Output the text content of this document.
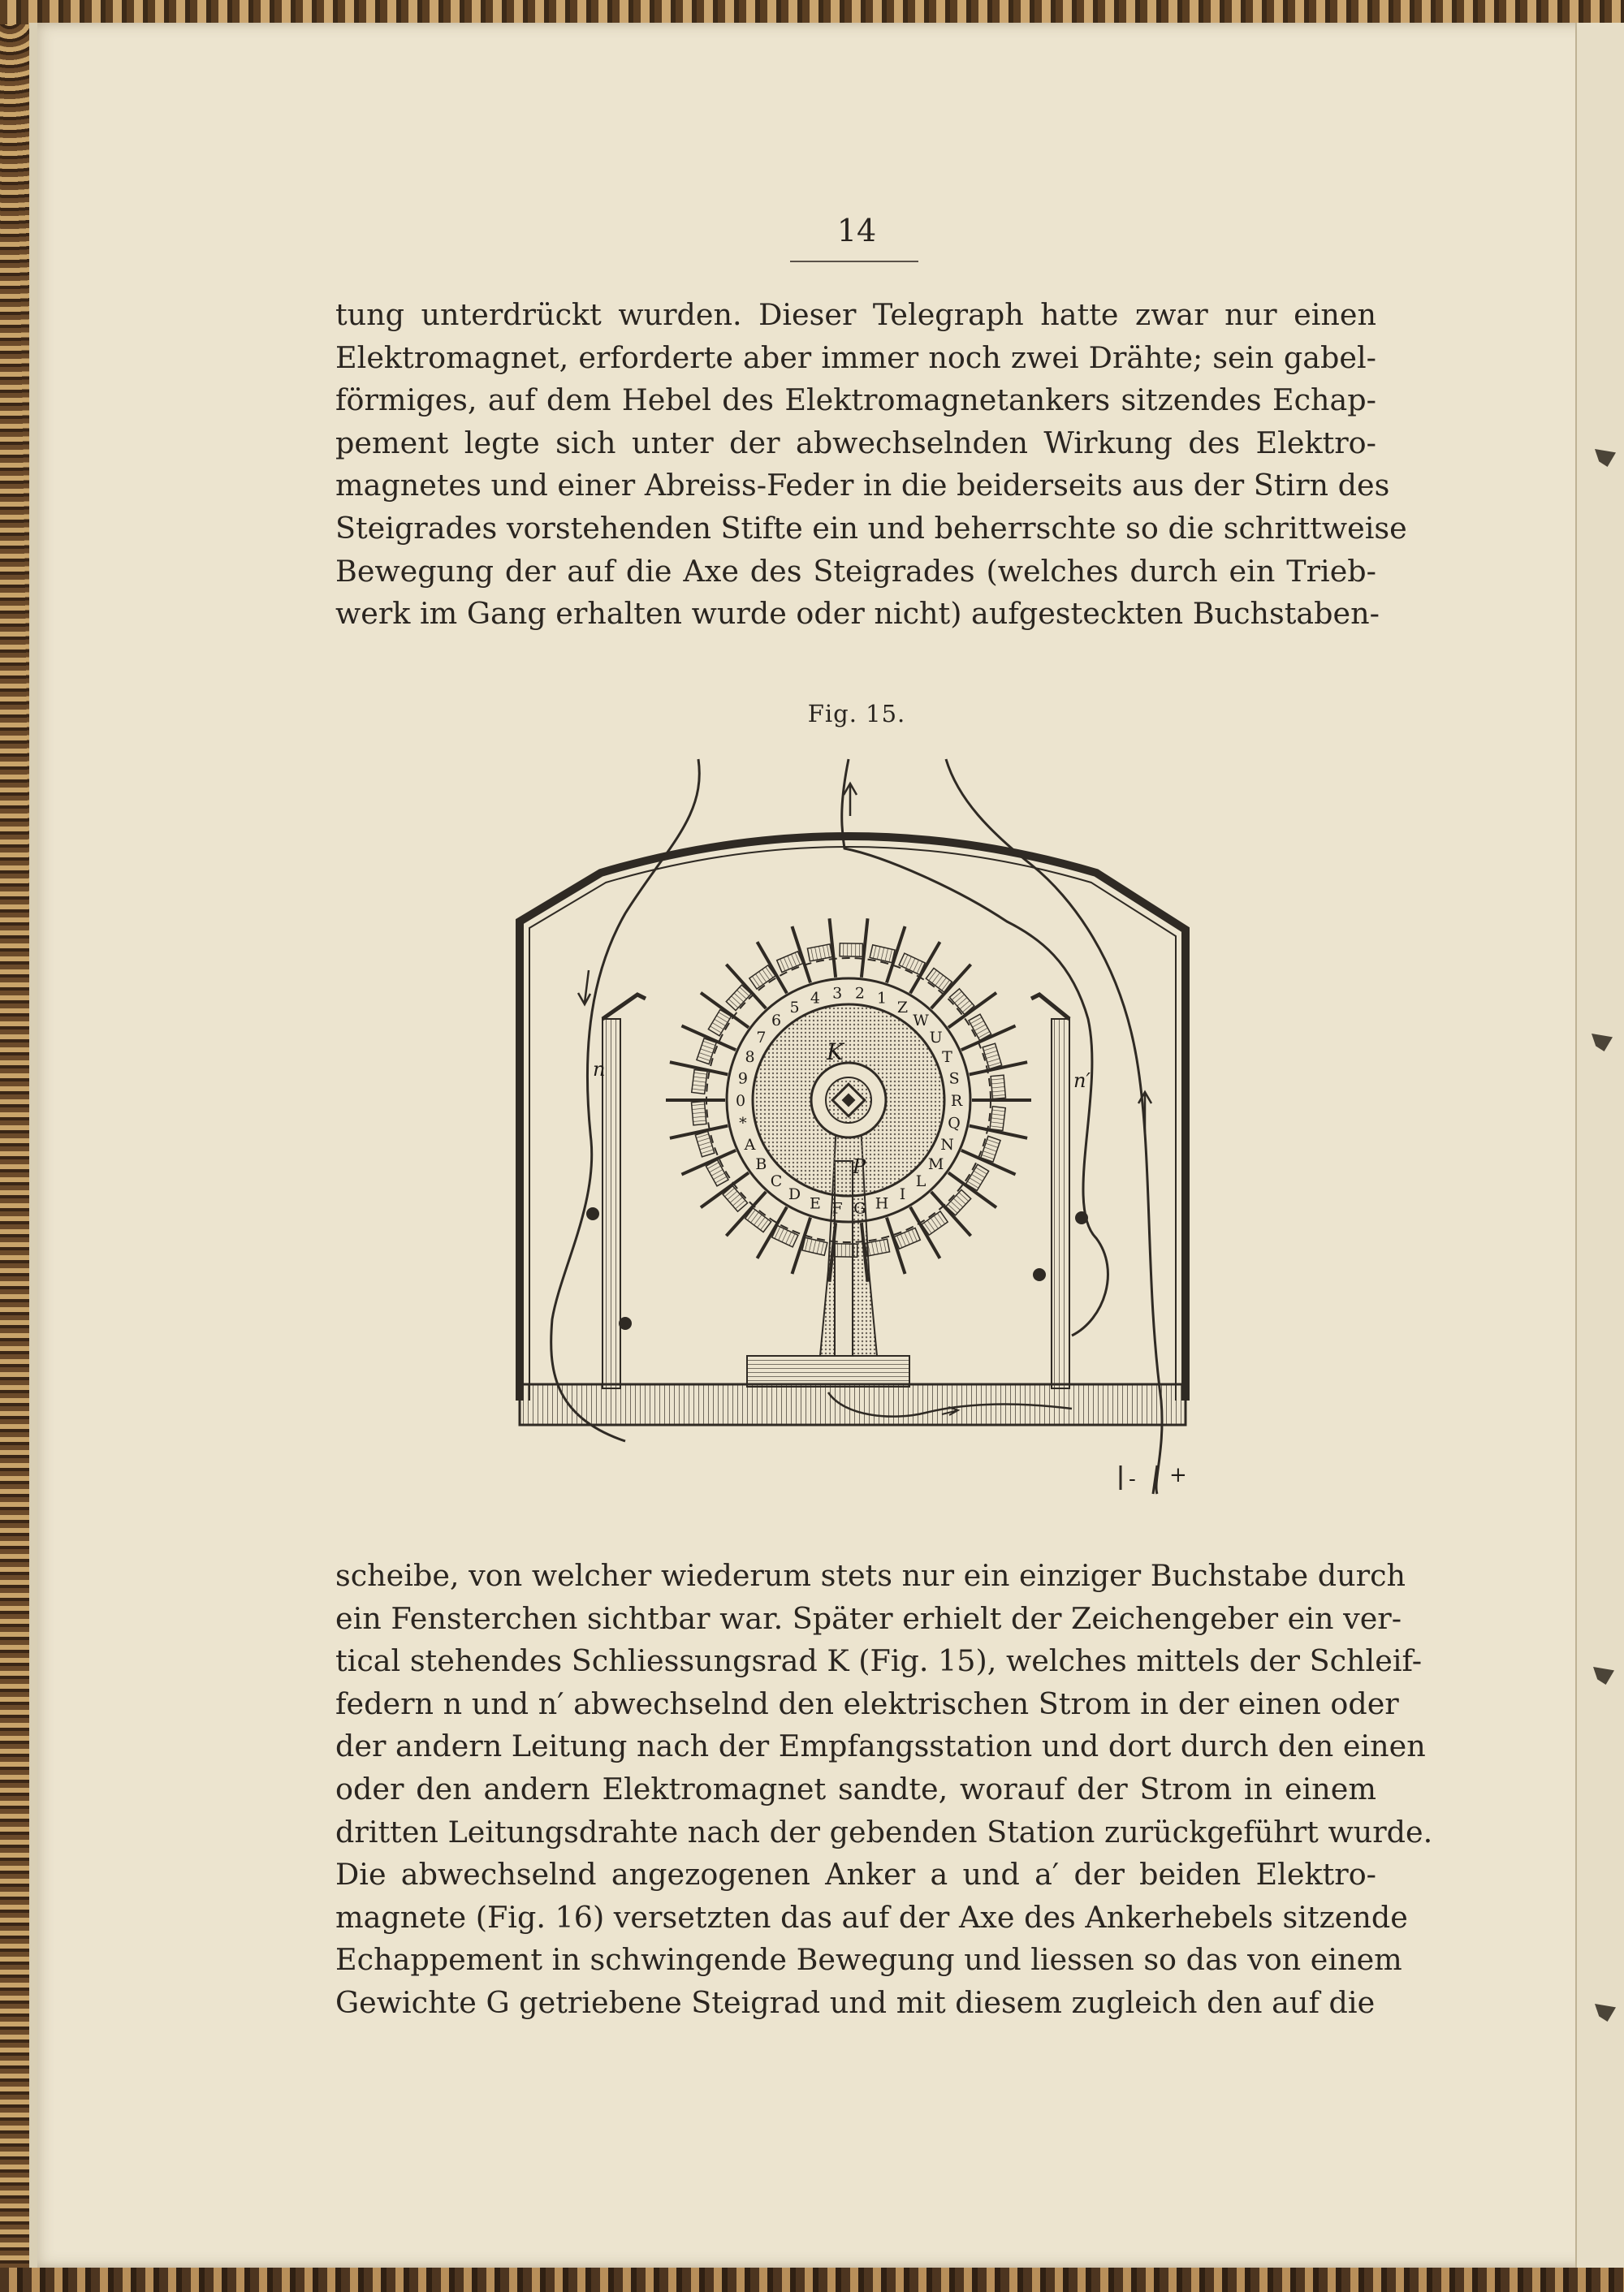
14
tung unterdrückt wurden. Dieser Telegraph hatte zwar nur einen
Elektromagnet, erforderte aber immer noch zwei Drähte; sein gabel-
förmiges, auf dem Hebel des Elektromagnetankers sitzendes Echap-
pement legte sich unter der abwechselnden Wirkung des Elektro-
magnetes und einer Abreiss-Feder in die beiderseits aus der Stirn des
Steigrades vorstehenden Stifte ein und beherrschte so die schrittweise
Bewegung der auf die Axe des Steigrades (welches durch ein Trieb-
werk im Gang erhalten wurde oder nicht) aufgesteckten Buchstaben-
Fig. 15.
1
Z
W
U
T
S
R
Q
N
M
L
I
H
G
F
E
D
C
B
A
*
0
9
8
7
6
5
4 3 2
K
P
n	n′
- +
scheibe, von welcher wiederum stets nur ein einziger Buchstabe durch
ein Fensterchen sichtbar war. Später erhielt der Zeichengeber ein ver-
tical stehendes Schliessungsrad K (Fig. 15), welches mittels der Schleif-
federn n und n′ abwechselnd den elektrischen Strom in der einen oder
der andern Leitung nach der Empfangsstation und dort durch den einen
oder den andern Elektromagnet sandte, worauf der Strom in einem
dritten Leitungsdrahte nach der gebenden Station zurückgeführt wurde.
Die abwechselnd angezogenen Anker a und a′ der beiden Elektro-
magnete (Fig. 16) versetzten das auf der Axe des Ankerhebels sitzende
Echappement in schwingende Bewegung und liessen so das von einem
Gewichte G getriebene Steigrad und mit diesem zugleich den auf die
